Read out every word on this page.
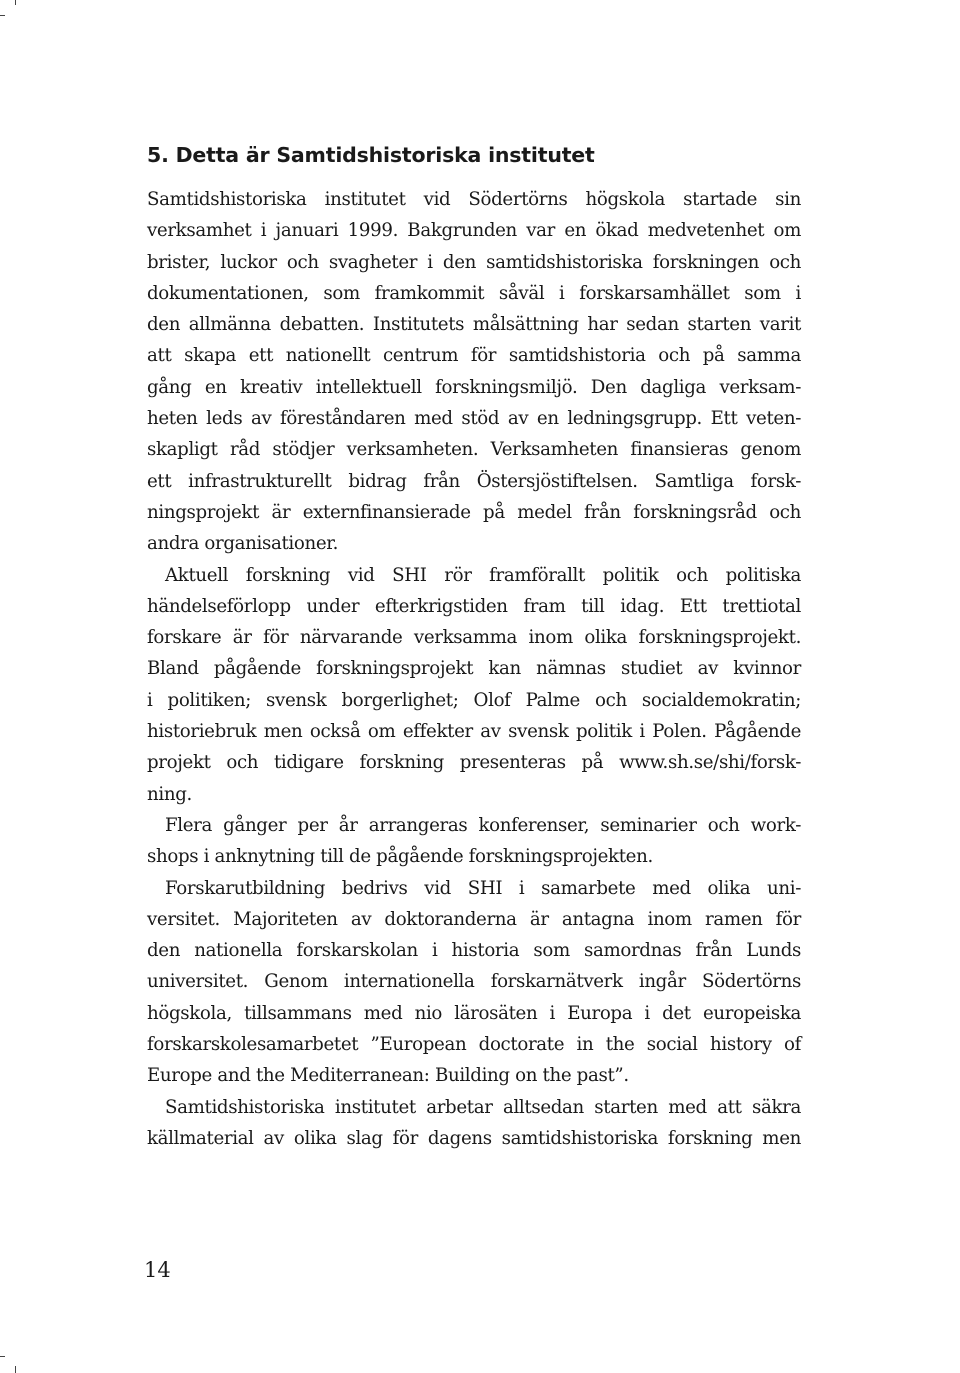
5. Detta är Samtidshistoriska institutet
Samtidshistoriska institutet vid Södertörns högskola startade sin
verksamhet i januari 1999. Bakgrunden var en ökad medvetenhet om
brister, luckor och svagheter i den samtidshistoriska forskningen och
dokumentationen, som framkommit såväl i forskarsamhället som i
den allmänna debatten. Institutets målsättning har sedan starten varit
att skapa ett nationellt centrum för samtidshistoria och på samma
gång en kreativ intellektuell forskningsmiljö. Den dagliga verksam-
heten leds av föreståndaren med stöd av en ledningsgrupp. Ett veten-
skapligt råd stödjer verksamheten. Verksamheten finansieras genom
ett infrastrukturellt bidrag från Östersjöstiftelsen. Samtliga forsk-
ningsprojekt är externfinansierade på medel från forskningsråd och
andra organisationer.
Aktuell forskning vid SHI rör framförallt politik och politiska
händelseförlopp under efterkrigstiden fram till idag. Ett trettiotal
forskare är för närvarande verksamma inom olika forskningsprojekt.
Bland pågående forskningsprojekt kan nämnas studiet av kvinnor
i politiken; svensk borgerlighet; Olof Palme och socialdemokratin;
historiebruk men också om effekter av svensk politik i Polen. Pågående
projekt och tidigare forskning presenteras på www.sh.se/shi/forsk-
ning.
Flera gånger per år arrangeras konferenser, seminarier och work-
shops i anknytning till de pågående forskningsprojekten.
Forskarutbildning bedrivs vid SHI i samarbete med olika uni-
versitet. Majoriteten av doktoranderna är antagna inom ramen för
den nationella forskarskolan i historia som samordnas från Lunds
universitet. Genom internationella forskarnätverk ingår Södertörns
högskola, tillsammans med nio lärosäten i Europa i det europeiska
forskarskolesamarbetet ”European doctorate in the social history of
Europe and the Mediterranean: Building on the past”.
Samtidshistoriska institutet arbetar alltsedan starten med att säkra
källmaterial av olika slag för dagens samtidshistoriska forskning men
14
